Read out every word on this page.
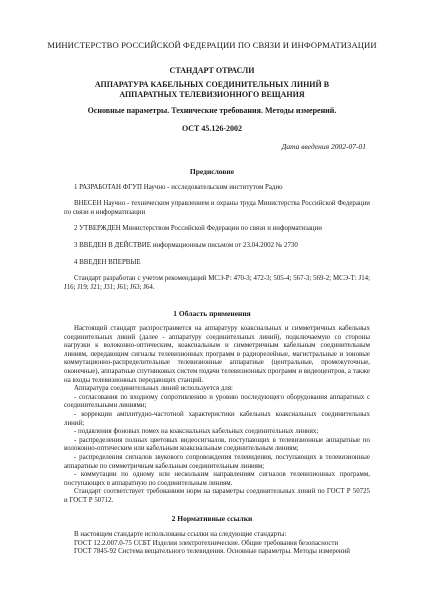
МИНИСТЕРСТВО РОССИЙСКОЙ ФЕДЕРАЦИИ ПО СВЯЗИ И ИНФОРМАТИЗАЦИИ
СТАНДАРТ ОТРАСЛИ
АППАРАТУРА КАБЕЛЬНЫХ СОЕДИНИТЕЛЬНЫХ ЛИНИЙ В АППАРАТНЫХ ТЕЛЕВИЗИОННОГО ВЕЩАНИЯ
Основные параметры. Технические требования. Методы измерений.
ОСТ 45.126-2002
Дата введения 2002-07-01
Предисловие
1 РАЗРАБОТАН ФГУП Научно - исследовательским институтом Радио
ВНЕСЕН Научно - техническим управлением и охраны труда Министерства Российской Федерации по связи и информатизации
2 УТВЕРЖДЕН Министерством Российской Федерации по связи и информатизации
3 ВВЕДЕН В ДЕЙСТВИЕ информационным письмом от 23.04.2002 № 2730
4 ВВЕДЕН ВПЕРВЫЕ
Стандарт разработан с учетом рекомендаций МСЭ-Р: 470-3; 472-3; 505-4; 567-3; 569-2; МСЭ-Т: J14; J16; J19; J21; J31; J61; J63; J64.
1 Область применения

Настоящий стандарт распространяется на аппаратуру коаксиальных и симметричных кабельных соединительных линий (далее - аппаратуру соединительных линий), подключаемую со стороны нагрузки к волоконно-оптическим, коаксиальным и симметричным кабельным соединительным линиям, передающим сигналы телевизионных программ в радиорелейные, магистральные и зоновые коммутационно-распределительные телевизионные аппаратные (центральные, промежуточные, оконечные), аппаратные спутниковых систем подачи телевизионных программ и видеоцентров, а также на входы телевизионных передающих станций.

Аппаратура соединительных линий используется для:

- согласования по входному сопротивлению и уровню последующего оборудования аппаратных с соединительными линиями;

- коррекции амплитудно-частотной характеристики кабельных коаксиальных соединительных линий;

- подавления фоновых помех на коаксиальных кабельных соединительных линиях;

- распределения полных цветовых видеосигналов, поступающих в телевизионные аппаратные по волоконно-оптическим или кабельным коаксиальным соединительным линиям;

- распределения сигналов звукового сопровождения телевидения, поступающих в телевизионные аппаратные по симметричным кабельным соединительным линиям;

- коммутации по одному или нескольким направлениям сигналов телевизионных программ, поступающих в аппаратную по соединительным линиям.

Стандарт соответствует требованиям норм на параметры соединительных линий по ГОСТ Р 50725 и ГОСТ Р 50712.

2 Нормативные ссылки

В настоящем стандарте использованы ссылки на следующие стандарты:

ГОСТ 12.2.007.0-75 ССБТ Изделия электротехнические. Общие требования безопасности

ГОСТ 7845-92 Система вещательного телевидения. Основные параметры. Методы измерений
